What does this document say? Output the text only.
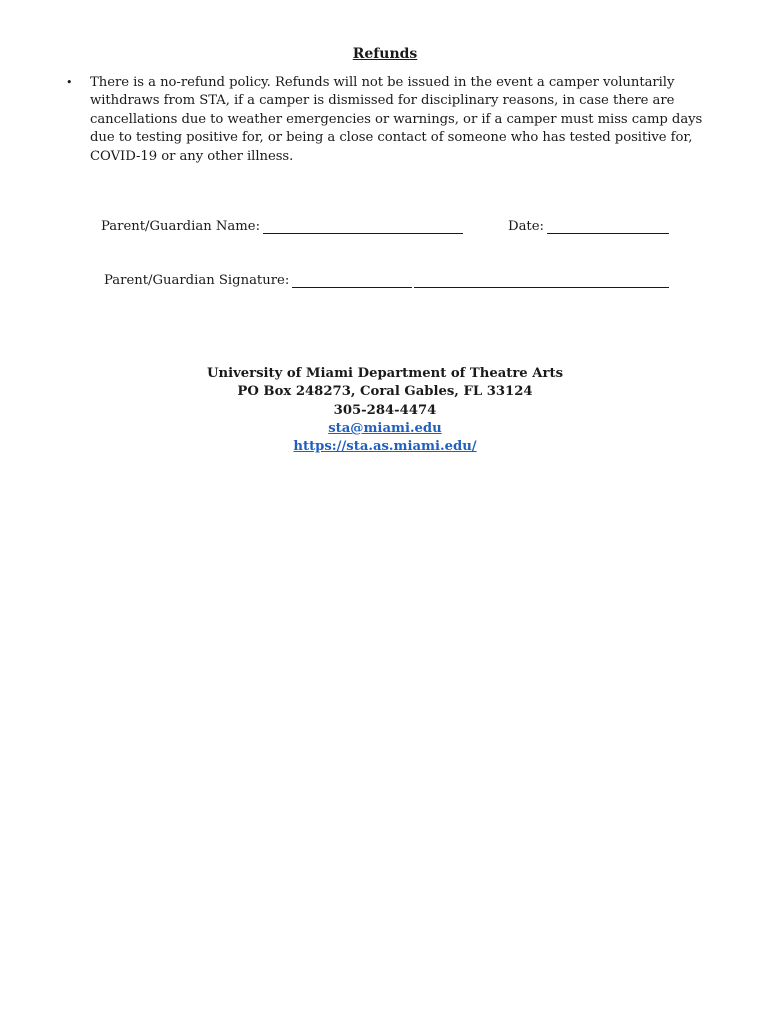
Refunds
•	There is a no-refund policy. Refunds will not be issued in the event a camper voluntarily withdraws from STA, if a camper is dismissed for disciplinary reasons, in case there are cancellations due to weather emergencies or warnings, or if a camper must miss camp days due to testing positive for, or being a close contact of someone who has tested positive for, COVID-19 or any other illness.
Parent/Guardian Name:	Date:
Parent/Guardian Signature:
University of Miami Department of Theatre Arts
PO Box 248273, Coral Gables, FL 33124
305-284-4474
sta@miami.edu
https://sta.as.miami.edu/
